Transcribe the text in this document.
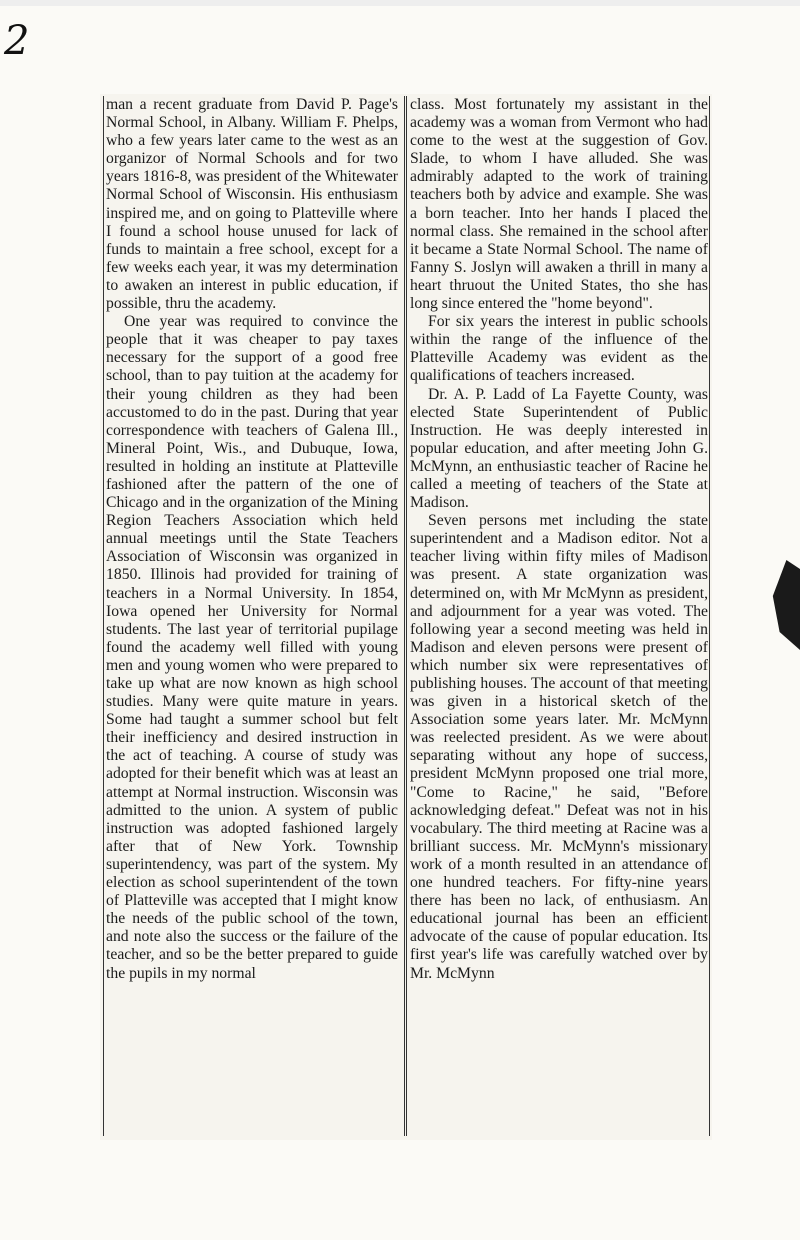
2

man a recent graduate from David P. Page's Normal School, in Albany. William F. Phelps, who a few years later came to the west as an organizor of Normal Schools and for two years 1816-8, was president of the Whitewater Normal School of Wisconsin. His enthusiasm inspired me, and on going to Platteville where I found a school house unused for lack of funds to maintain a free school, except for a few weeks each year, it was my determination to awaken an interest in public education, if possible, thru the academy.

One year was required to convince the people that it was cheaper to pay taxes necessary for the support of a good free school, than to pay tuition at the academy for their young children as they had been accustomed to do in the past. During that year correspondence with teachers of Galena Ill., Mineral Point, Wis., and Dubuque, Iowa, resulted in holding an institute at Platteville fashioned after the pattern of the one of Chicago and in the organization of the Mining Region Teachers Association which held annual meetings until the State Teachers Association of Wisconsin was organized in 1850. Illinois had provided for training of teachers in a Normal University. In 1854, Iowa opened her University for Normal students. The last year of territorial pupilage found the academy well filled with young men and young women who were prepared to take up what are now known as high school studies. Many were quite mature in years. Some had taught a summer school but felt their inefficiency and desired instruction in the act of teaching. A course of study was adopted for their benefit which was at least an attempt at Normal instruction. Wisconsin was admitted to the union. A system of public instruction was adopted fashioned largely after that of New York. Township superintendency, was part of the system. My election as school superintendent of the town of Platteville was accepted that I might know the needs of the public school of the town, and note also the success or the failure of the teacher, and so be the better prepared to guide the pupils in my normal

class. Most fortunately my assistant in the academy was a woman from Vermont who had come to the west at the suggestion of Gov. Slade, to whom I have alluded. She was admirably adapted to the work of training teachers both by advice and example. She was a born teacher. Into her hands I placed the normal class. She remained in the school after it became a State Normal School. The name of Fanny S. Joslyn will awaken a thrill in many a heart thruout the United States, tho she has long since entered the "home beyond".

For six years the interest in public schools within the range of the influence of the Platteville Academy was evident as the qualifications of teachers increased.

Dr. A. P. Ladd of La Fayette County, was elected State Superintendent of Public Instruction. He was deeply interested in popular education, and after meeting John G. McMynn, an enthusiastic teacher of Racine he called a meeting of teachers of the State at Madison.

Seven persons met including the state superintendent and a Madison editor. Not a teacher living within fifty miles of Madison was present. A state organization was determined on, with Mr McMynn as president, and adjournment for a year was voted. The following year a second meeting was held in Madison and eleven persons were present of which number six were representatives of publishing houses. The account of that meeting was given in a historical sketch of the Association some years later. Mr. McMynn was reelected president. As we were about separating without any hope of success, president McMynn proposed one trial more, "Come to Racine," he said, "Before acknowledging defeat." Defeat was not in his vocabulary. The third meeting at Racine was a brilliant success. Mr. McMynn's missionary work of a month resulted in an attendance of one hundred teachers. For fifty-nine years there has been no lack, of enthusiasm. An educational journal has been an efficient advocate of the cause of popular education. Its first year's life was carefully watched over by Mr. McMynn
